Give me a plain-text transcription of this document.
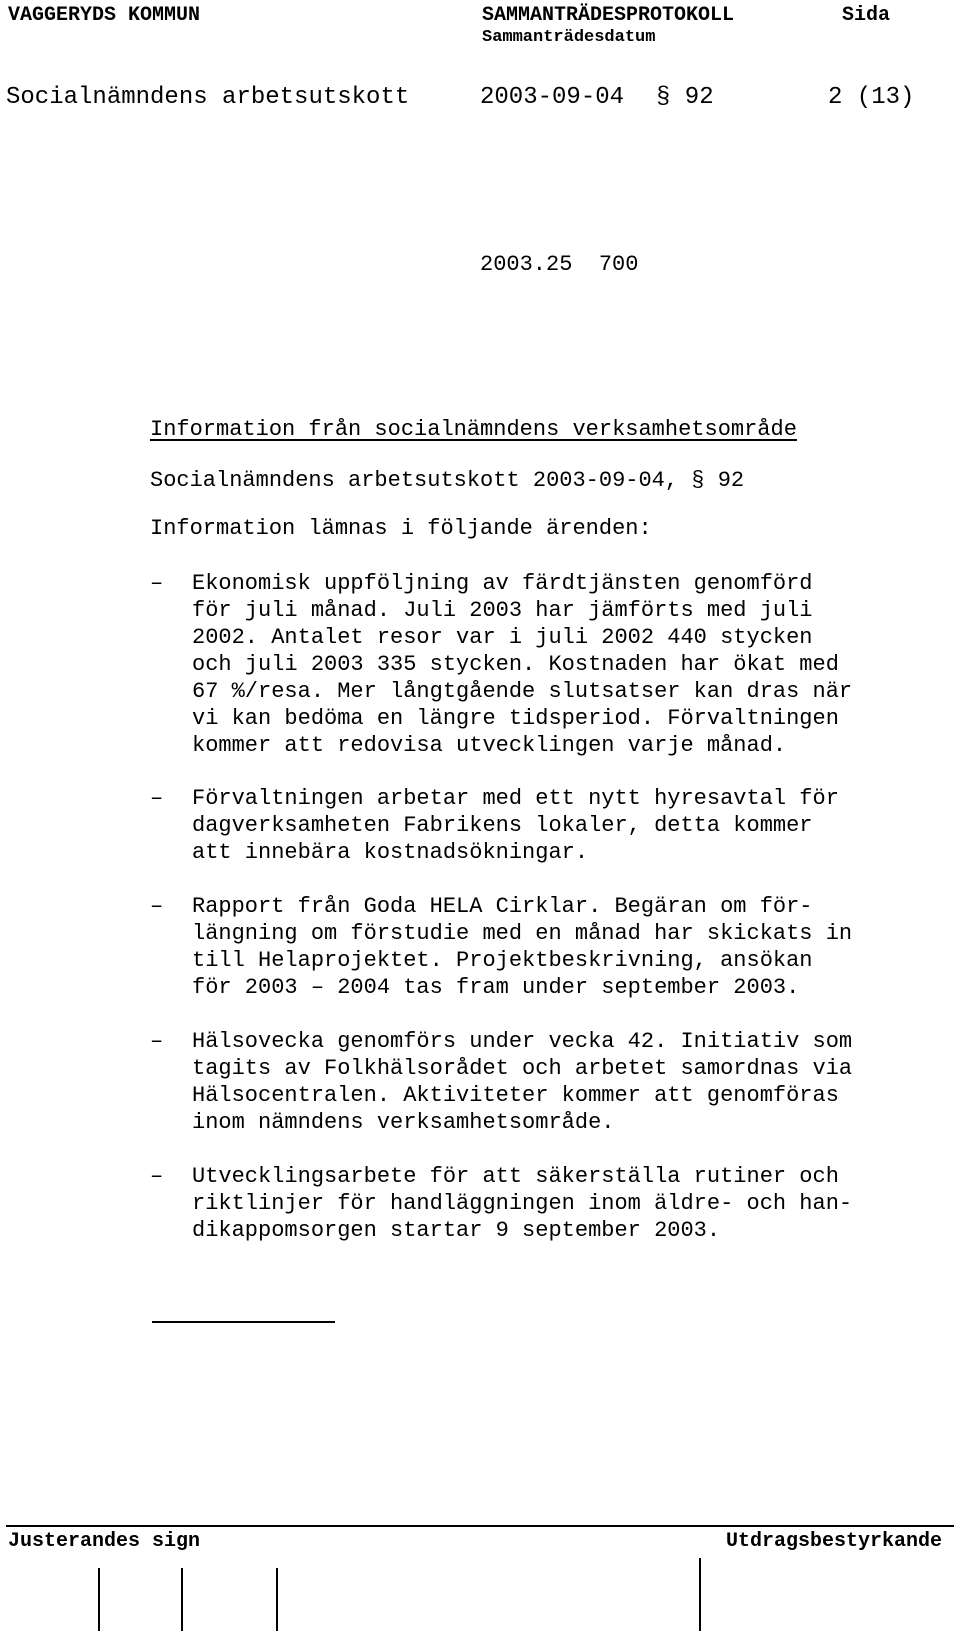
VAGGERYDS KOMMUN	SAMMANTRÄDESPROTOKOLL
Sammanträdesdatum
Sida
Socialnämndens arbetsutskott	2003-09-04 § 92	2 (13)
2003.25  700
Information från socialnämndens verksamhetsområde
Socialnämndens arbetsutskott 2003-09-04, § 92
Information lämnas i följande ärenden:
– Ekonomisk uppföljning av färdtjänsten genomförd
för juli månad. Juli 2003 har jämförts med juli
2002. Antalet resor var i juli 2002 440 stycken
och juli 2003 335 stycken. Kostnaden har ökat med
67 %/resa. Mer långtgående slutsatser kan dras när
vi kan bedöma en längre tidsperiod. Förvaltningen
kommer att redovisa utvecklingen varje månad.
– Förvaltningen arbetar med ett nytt hyresavtal för
dagverksamheten Fabrikens lokaler, detta kommer
att innebära kostnadsökningar.
– Rapport från Goda HELA Cirklar. Begäran om för-
längning om förstudie med en månad har skickats in
till Helaprojektet. Projektbeskrivning, ansökan
för 2003 – 2004 tas fram under september 2003.
– Hälsovecka genomförs under vecka 42. Initiativ som
tagits av Folkhälsorådet och arbetet samordnas via
Hälsocentralen. Aktiviteter kommer att genomföras
inom nämndens verksamhetsområde.
– Utvecklingsarbete för att säkerställa rutiner och
riktlinjer för handläggningen inom äldre- och han-
dikappomsorgen startar 9 september 2003.
Justerandes sign	Utdragsbestyrkande
